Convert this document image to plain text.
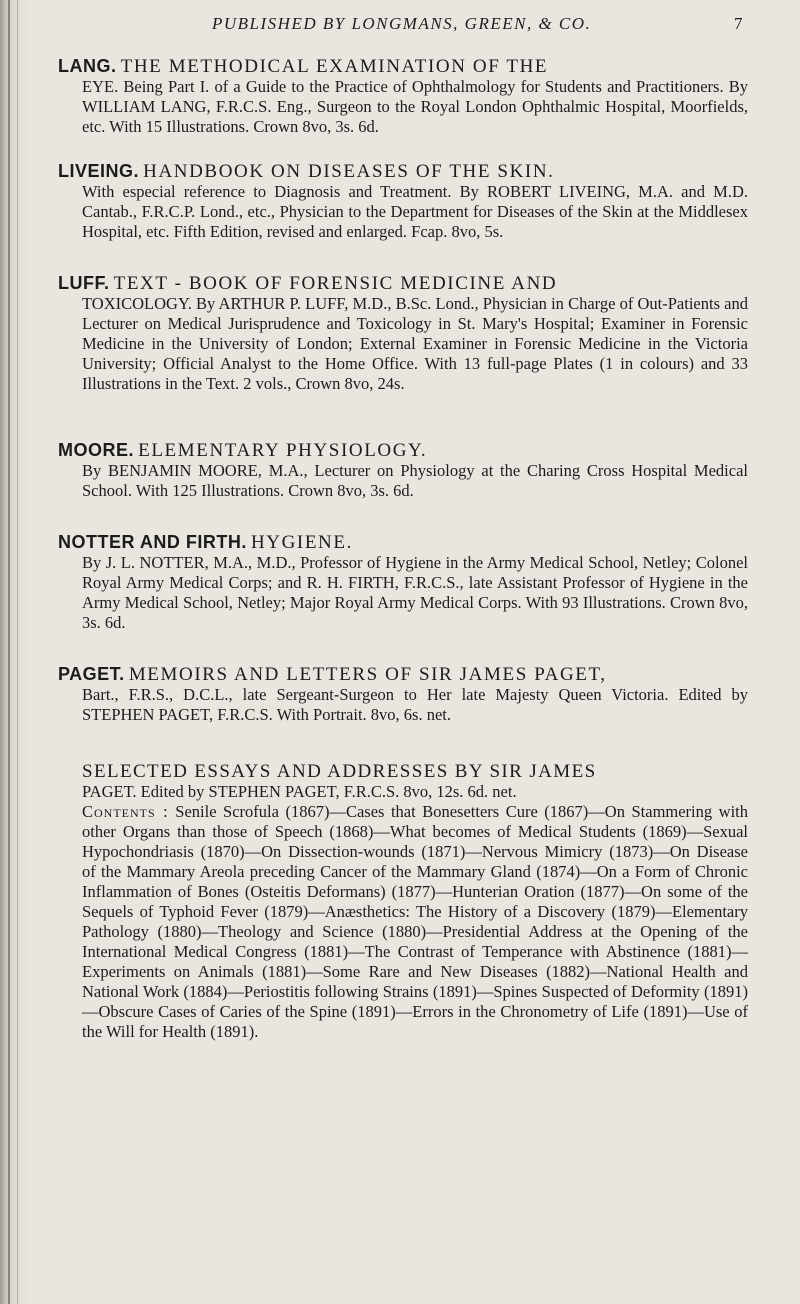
PUBLISHED BY LONGMANS, GREEN, & CO.	7
LANG. THE METHODICAL EXAMINATION OF THE
EYE. Being Part I. of a Guide to the Practice of Ophthalmology for Students and Practitioners. By WILLIAM LANG, F.R.C.S. Eng., Surgeon to the Royal London Ophthalmic Hospital, Moorfields, etc. With 15 Illustrations. Crown 8vo, 3s. 6d.
LIVEING. HANDBOOK ON DISEASES OF THE SKIN.
With especial reference to Diagnosis and Treatment. By ROBERT LIVEING, M.A. and M.D. Cantab., F.R.C.P. Lond., etc., Physician to the Department for Diseases of the Skin at the Middlesex Hospital, etc. Fifth Edition, revised and enlarged. Fcap. 8vo, 5s.
LUFF. TEXT - BOOK OF FORENSIC MEDICINE AND
TOXICOLOGY. By ARTHUR P. LUFF, M.D., B.Sc. Lond., Physician in Charge of Out-Patients and Lecturer on Medical Jurisprudence and Toxicology in St. Mary's Hospital; Examiner in Forensic Medicine in the University of London; External Examiner in Forensic Medicine in the Victoria University; Official Analyst to the Home Office. With 13 full-page Plates (1 in colours) and 33 Illustrations in the Text. 2 vols., Crown 8vo, 24s.
MOORE. ELEMENTARY PHYSIOLOGY.
By BENJAMIN MOORE, M.A., Lecturer on Physiology at the Charing Cross Hospital Medical School. With 125 Illustrations. Crown 8vo, 3s. 6d.
NOTTER AND FIRTH. HYGIENE.
By J. L. NOTTER, M.A., M.D., Professor of Hygiene in the Army Medical School, Netley; Colonel Royal Army Medical Corps; and R. H. FIRTH, F.R.C.S., late Assistant Professor of Hygiene in the Army Medical School, Netley; Major Royal Army Medical Corps. With 93 Illustrations. Crown 8vo, 3s. 6d.
PAGET. MEMOIRS AND LETTERS OF SIR JAMES PAGET,
Bart., F.R.S., D.C.L., late Sergeant-Surgeon to Her late Majesty Queen Victoria. Edited by STEPHEN PAGET, F.R.C.S. With Portrait. 8vo, 6s. net.
SELECTED ESSAYS AND ADDRESSES BY SIR JAMES
PAGET. Edited by STEPHEN PAGET, F.R.C.S. 8vo, 12s. 6d. net.
Contents : Senile Scrofula (1867)—Cases that Bonesetters Cure (1867)—On Stammering with other Organs than those of Speech (1868)—What becomes of Medical Students (1869)—Sexual Hypochondriasis (1870)—On Dissection-wounds (1871)—Nervous Mimicry (1873)—On Disease of the Mammary Areola preceding Cancer of the Mammary Gland (1874)—On a Form of Chronic Inflammation of Bones (Osteitis Deformans) (1877)—Hunterian Oration (1877)—On some of the Sequels of Typhoid Fever (1879)—Anæsthetics: The History of a Discovery (1879)—Elementary Pathology (1880)—Theology and Science (1880)—Presidential Address at the Opening of the International Medical Congress (1881)—The Contrast of Temperance with Abstinence (1881)—Experiments on Animals (1881)—Some Rare and New Diseases (1882)—National Health and National Work (1884)—Periostitis following Strains (1891)—Spines Suspected of Deformity (1891)—Obscure Cases of Caries of the Spine (1891)—Errors in the Chronometry of Life (1891)—Use of the Will for Health (1891).
